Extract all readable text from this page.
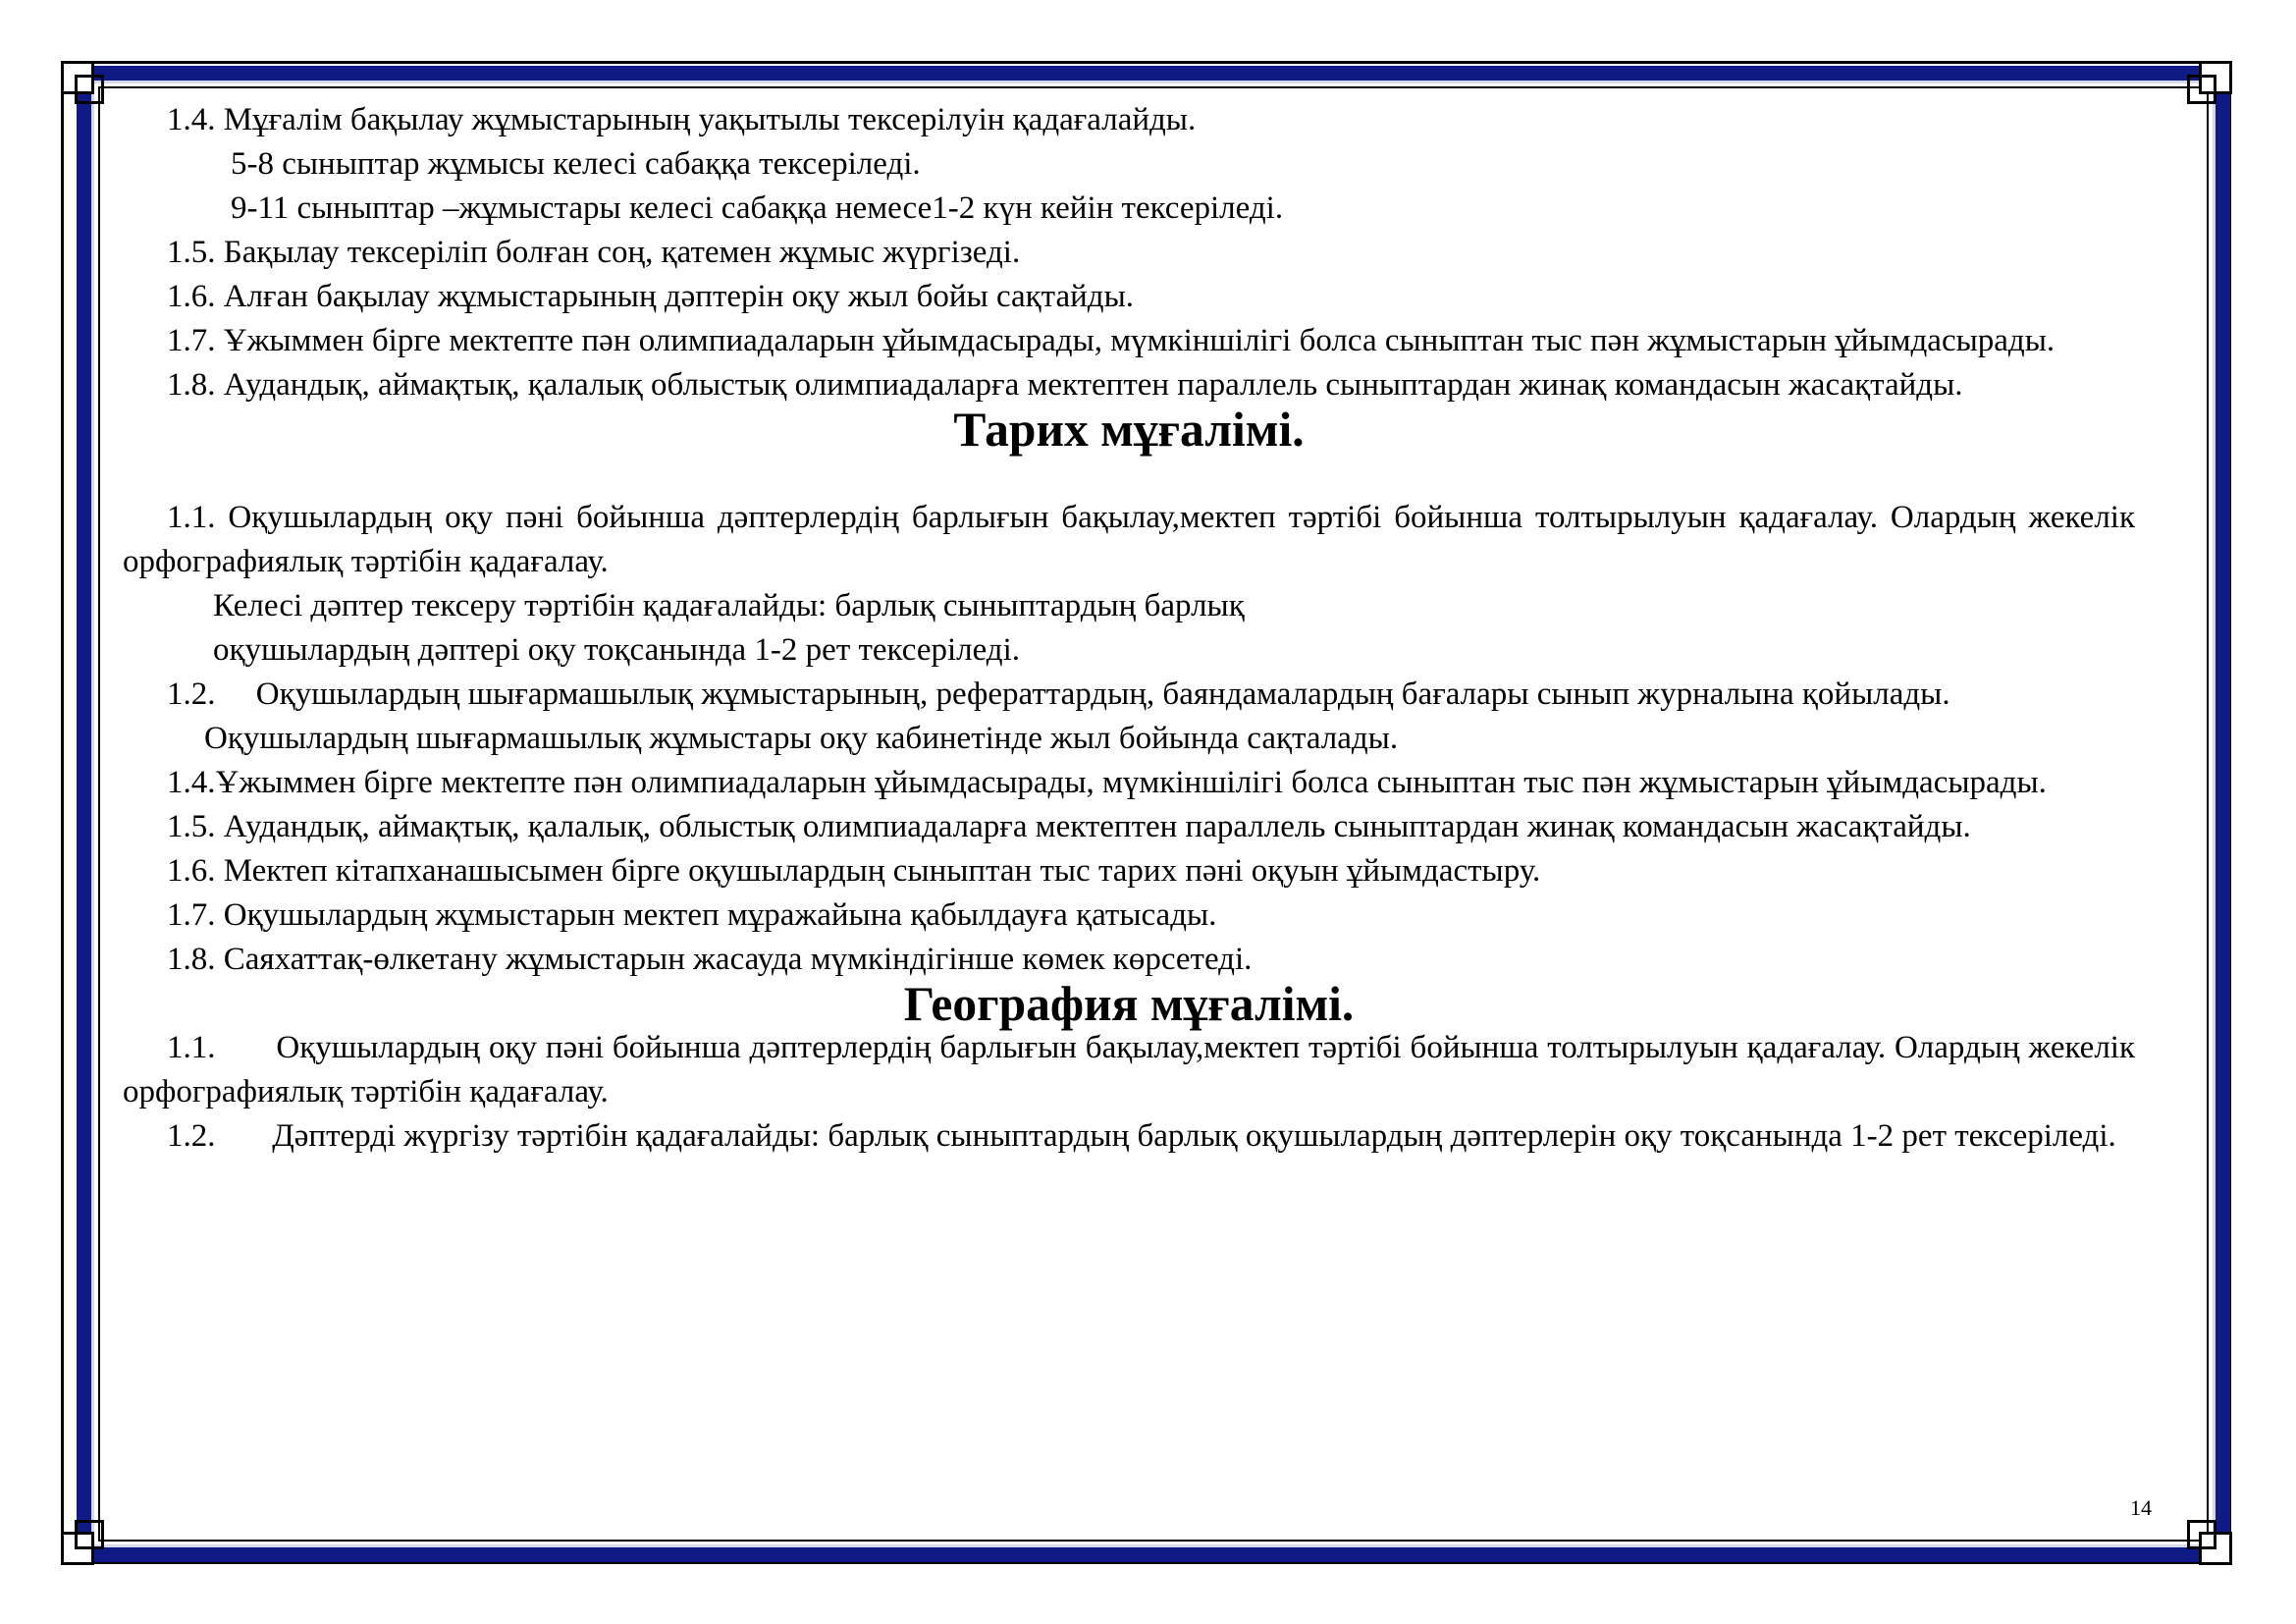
1.4. Мұғалім бақылау жұмыстарының уақытылы тексерілуін қадағалайды.

5-8 сыныптар жұмысы келесі сабаққа тексеріледі.

9-11 сыныптар –жұмыстары келесі сабаққа немесе1-2 күн кейін тексеріледі.

1.5. Бақылау тексеріліп болған соң, қатемен жұмыс жүргізеді.

1.6. Алған бақылау жұмыстарының дәптерін оқу жыл бойы сақтайды.

1.7. Ұжыммен бірге мектепте пән олимпиадаларын ұйымдасырады, мүмкіншілігі болса сыныптан тыс пән жұмыстарын ұйымдасырады.

1.8. Аудандық, аймақтық, қалалық облыстық олимпиадаларға мектептен параллель сыныптардан жинақ командасын жасақтайды.

Тарих мұғалімі.

1.1. Оқушылардың оқу пәні бойынша дәптерлердің барлығын бақылау,мектеп тәртібі бойынша толтырылуын қадағалау. Олардың жекелік орфографиялық тәртібін қадағалау.

Келесі дәптер тексеру тәртібін қадағалайды: барлық сыныптардың барлық

оқушылардың дәптері оқу тоқсанында 1-2 рет тексеріледі.

1.2.     Оқушылардың шығармашылық жұмыстарының, рефераттардың, баяндамалардың бағалары сынып журналына қойылады.

Оқушылардың шығармашылық жұмыстары оқу кабинетінде жыл бойында сақталады.

1.4.Ұжыммен бірге мектепте пән олимпиадаларын ұйымдасырады, мүмкіншілігі болса сыныптан тыс пән жұмыстарын ұйымдасырады.

1.5. Аудандық, аймақтық, қалалық, облыстық олимпиадаларға мектептен параллель сыныптардан жинақ командасын жасақтайды.

1.6. Мектеп кітапханашысымен бірге оқушылардың сыныптан тыс тарих пәні оқуын ұйымдастыру.

1.7. Оқушылардың жұмыстарын мектеп мұражайына қабылдауға қатысады.

1.8. Саяхаттақ-өлкетану жұмыстарын жасауда мүмкіндігінше көмек көрсетеді.

География мұғалімі.

1.1.       Оқушылардың оқу пәні бойынша дәптерлердің барлығын бақылау,мектеп тәртібі бойынша толтырылуын қадағалау. Олардың жекелік орфографиялық тәртібін қадағалау.

1.2.       Дәптерді жүргізу тәртібін қадағалайды: барлық сыныптардың барлық оқушылардың дәптерлерін оқу тоқсанында 1-2 рет тексеріледі.

14
